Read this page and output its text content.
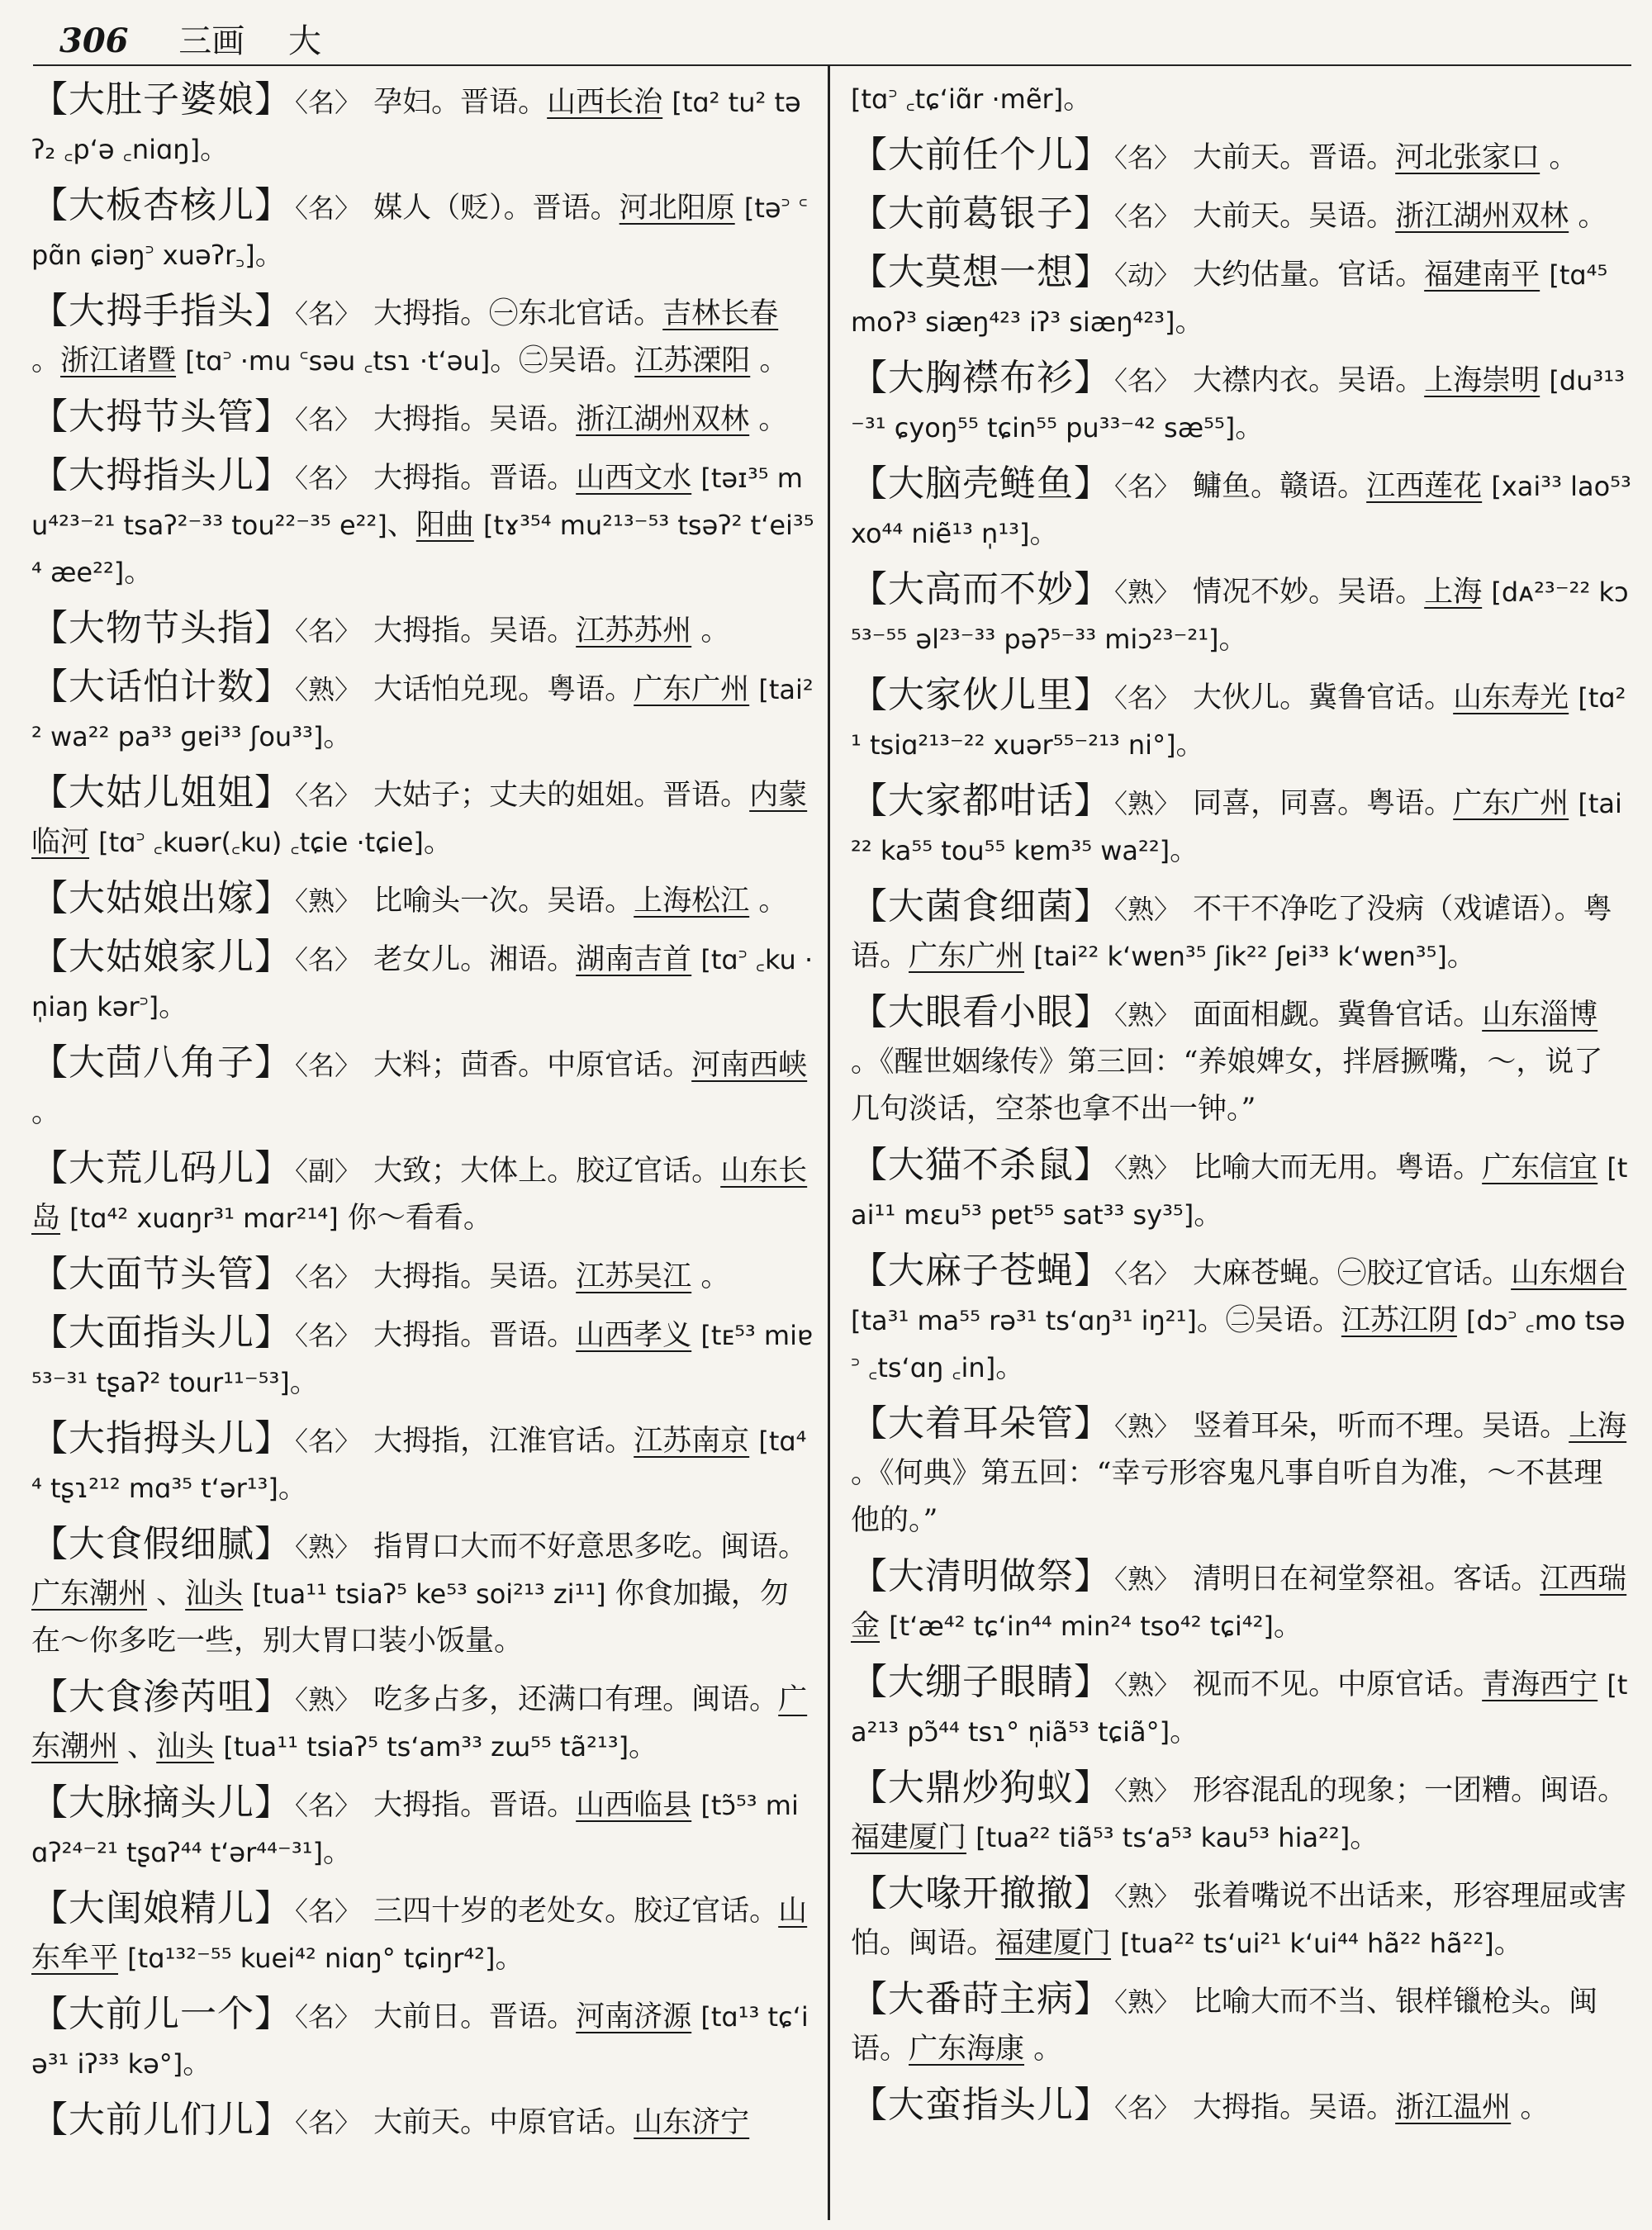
306 三画 大
【大肚子婆娘】 〈名〉 孕妇。晋语。山西长治 [tɑ² tu² təʔ₂ ꜀pʻə ꜀niɑŋ]。
【大板杏核儿】 〈名〉 媒人（贬）。晋语。河北阳原 [tə꜄ ꜂pɑ̃n ɕiəŋ꜄ xuəʔr꜆]。
【大拇手指头】 〈名〉 大拇指。㊀东北官话。吉林长春 。浙江诸暨 [tɑ꜄ ·mu ꜂səu ꜀tsɿ ·tʻəu]。㊁吴语。江苏溧阳 。
【大拇节头管】 〈名〉 大拇指。吴语。浙江湖州双林 。
【大拇指头儿】 〈名〉 大拇指。晋语。山西文水 [təɪ³⁵ mu⁴²³⁻²¹ tsaʔ²⁻³³ tou²²⁻³⁵ e²²]、阳曲 [tɤ³⁵⁴ mu²¹³⁻⁵³ tsəʔ² tʻei³⁵⁴ æe²²]。
【大物节头指】 〈名〉 大拇指。吴语。江苏苏州 。
【大话怕计数】 〈熟〉 大话怕兑现。粤语。广东广州 [tai²² wa²² pa³³ ɡɐi³³ ʃou³³]。
【大姑儿姐姐】 〈名〉 大姑子；丈夫的姐姐。晋语。内蒙临河 [tɑ꜄ ꜀kuər(꜀ku) ꜀tɕie ·tɕie]。
【大姑娘出嫁】 〈熟〉 比喻头一次。吴语。上海松江 。
【大姑娘家儿】 〈名〉 老女儿。湘语。湖南吉首 [tɑ꜄ ꜀ku ·n̩iaŋ kər꜄]。
【大茴八角子】 〈名〉 大料；茴香。中原官话。河南西峡 。
【大荒儿码儿】 〈副〉 大致；大体上。胶辽官话。山东长岛 [tɑ⁴² xuɑŋr³¹ mɑr²¹⁴] 你～看看。
【大面节头管】 〈名〉 大拇指。吴语。江苏吴江 。
【大面指头儿】 〈名〉 大拇指。晋语。山西孝义 [tᴇ⁵³ miɐ⁵³⁻³¹ tʂaʔ² tour¹¹⁻⁵³]。
【大指拇头儿】 〈名〉 大拇指，江淮官话。江苏南京 [tɑ⁴⁴ tʂɿ²¹² mɑ³⁵ tʻər¹³]。
【大食假细腻】 〈熟〉 指胃口大而不好意思多吃。闽语。广东潮州 、汕头 [tua¹¹ tsiaʔ⁵ ke⁵³ soi²¹³ zi¹¹] 你食加撮，勿在～你多吃一些，别大胃口装小饭量。
【大食渗芮咀】 〈熟〉 吃多占多，还满口有理。闽语。广东潮州 、汕头 [tua¹¹ tsiaʔ⁵ tsʻam³³ zɯ⁵⁵ tã²¹³]。
【大脉摘头儿】 〈名〉 大拇指。晋语。山西临县 [tɔ̃⁵³ miɑʔ²⁴⁻²¹ tʂɑʔ⁴⁴ tʻər⁴⁴⁻³¹]。
【大闺娘精儿】 〈名〉 三四十岁的老处女。胶辽官话。山东牟平 [tɑ¹³²⁻⁵⁵ kuei⁴² niɑŋ° tɕiŋr⁴²]。
【大前儿一个】 〈名〉 大前日。晋语。河南济源 [tɑ¹³ tɕʻiə³¹ iʔ³³ kə°]。
【大前儿们儿】 〈名〉 大前天。中原官话。山东济宁
[tɑ꜄ ꜀tɕʻiɑ̃r ·mẽr]。
【大前任个儿】 〈名〉 大前天。晋语。河北张家口 。
【大前葛银子】 〈名〉 大前天。吴语。浙江湖州双林 。
【大莫想一想】 〈动〉 大约估量。官话。福建南平 [tɑ⁴⁵ moʔ³ siæŋ⁴²³ iʔ³ siæŋ⁴²³]。
【大胸襟布衫】 〈名〉 大襟内衣。吴语。上海崇明 [du³¹³⁻³¹ ɕyoŋ⁵⁵ tɕin⁵⁵ pu³³⁻⁴² sæ⁵⁵]。
【大脑壳鲢鱼】 〈名〉 鳙鱼。赣语。江西莲花 [xai³³ lao⁵³ xo⁴⁴ niẽ¹³ n̩¹³]。
【大高而不妙】 〈熟〉 情况不妙。吴语。上海 [dᴀ²³⁻²² kɔ⁵³⁻⁵⁵ əl²³⁻³³ pəʔ⁵⁻³³ miɔ²³⁻²¹]。
【大家伙儿里】 〈名〉 大伙儿。冀鲁官话。山东寿光 [tɑ²¹ tsiɑ²¹³⁻²² xuər⁵⁵⁻²¹³ ni°]。
【大家都咁话】 〈熟〉 同喜，同喜。粤语。广东广州 [tai²² ka⁵⁵ tou⁵⁵ kɐm³⁵ wa²²]。
【大菌食细菌】 〈熟〉 不干不净吃了没病（戏谑语）。粤语。广东广州 [tai²² kʻwɐn³⁵ ʃik²² ʃɐi³³ kʻwɐn³⁵]。
【大眼看小眼】 〈熟〉 面面相觑。冀鲁官话。山东淄博 。《醒世姻缘传》第三回：“养娘婢女，拌唇撅嘴，～，说了几句淡话，空茶也拿不出一钟。”
【大猫不杀鼠】 〈熟〉 比喻大而无用。粤语。广东信宜 [tai¹¹ mɛu⁵³ pɐt⁵⁵ sat³³ sy³⁵]。
【大麻子苍蝇】 〈名〉 大麻苍蝇。㊀胶辽官话。山东烟台 [ta³¹ ma⁵⁵ rə³¹ tsʻɑŋ³¹ iŋ²¹]。㊁吴语。江苏江阴 [dɔ꜄ ꜀mo tsə꜄ ꜀tsʻɑŋ ꜀in]。
【大着耳朵管】 〈熟〉 竖着耳朵，听而不理。吴语。上海 。《何典》第五回：“幸亏形容鬼凡事自听自为准，～不甚理他的。”
【大清明做祭】 〈熟〉 清明日在祠堂祭祖。客话。江西瑞金 [tʻæ⁴² tɕʻin⁴⁴ min²⁴ tso⁴² tɕi⁴²]。
【大绷子眼睛】 〈熟〉 视而不见。中原官话。青海西宁 [ta²¹³ pɔ̃⁴⁴ tsɿ° n̩iã⁵³ tɕiã°]。
【大鼎炒狗蚁】 〈熟〉 形容混乱的现象；一团糟。闽语。福建厦门 [tua²² tiã⁵³ tsʻa⁵³ kau⁵³ hia²²]。
【大喙开撤撤】 〈熟〉 张着嘴说不出话来，形容理屈或害怕。闽语。福建厦门 [tua²² tsʻui²¹ kʻui⁴⁴ hã²² hã²²]。
【大番莳主病】 〈熟〉 比喻大而不当、银样镴枪头。闽语。广东海康 。
【大蛮指头儿】 〈名〉 大拇指。吴语。浙江温州 。
